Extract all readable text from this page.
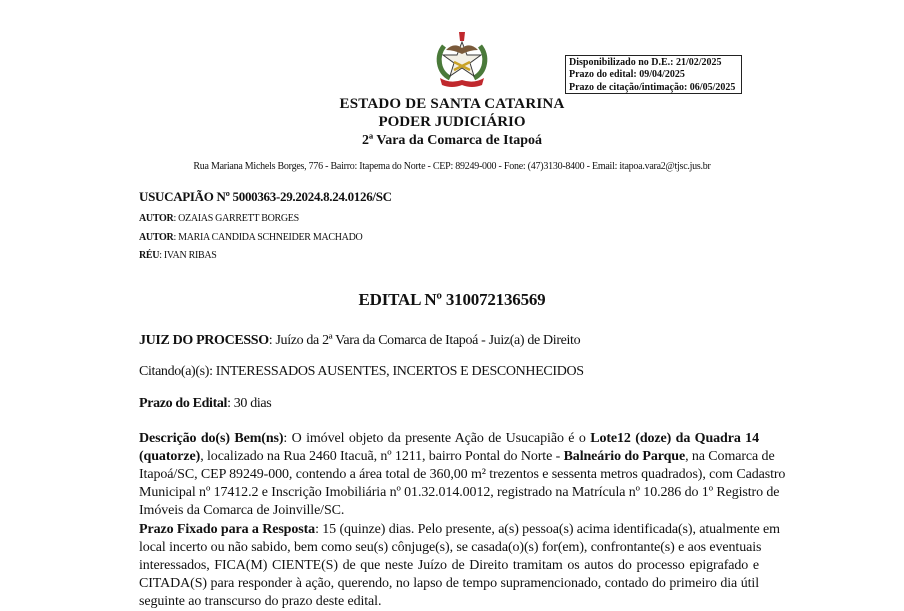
Disponibilizado no D.E.: 21/02/2025
Prazo do edital: 09/04/2025
Prazo de citação/intimação: 06/05/2025
ESTADO DE SANTA CATARINA
PODER JUDICIÁRIO
2ª Vara da Comarca de Itapoá
Rua Mariana Michels Borges, 776 - Bairro: Itapema do Norte - CEP: 89249-000 - Fone: (47)3130-8400 - Email: itapoa.vara2@tjsc.jus.br
USUCAPIÃO Nº 5000363-29.2024.8.24.0126/SC
AUTOR: OZAIAS GARRETT BORGES
AUTOR: MARIA CANDIDA SCHNEIDER MACHADO
RÉU: IVAN RIBAS
EDITAL Nº 310072136569
JUIZ DO PROCESSO: Juízo da 2ª Vara da Comarca de Itapoá - Juiz(a) de Direito
Citando(a)(s): INTERESSADOS AUSENTES, INCERTOS E DESCONHECIDOS
Prazo do Edital: 30 dias
Descrição do(s) Bem(ns): O imóvel objeto da presente Ação de Usucapião é o Lote12 (doze) da Quadra 14
(quatorze), localizado na Rua 2460 Itacuã, nº 1211, bairro Pontal do Norte - Balneário do Parque, na Comarca de
Itapoá/SC, CEP 89249-000, contendo a área total de 360,00 m² trezentos e sessenta metros quadrados), com Cadastro
Municipal nº 17412.2 e Inscrição Imobiliária nº 01.32.014.0012, registrado na Matrícula nº 10.286 do 1º Registro de
Imóveis da Comarca de Joinville/SC.
Prazo Fixado para a Resposta: 15 (quinze) dias. Pelo presente, a(s) pessoa(s) acima identificada(s), atualmente em
local incerto ou não sabido, bem como seu(s) cônjuge(s), se casada(o)(s) for(em), confrontante(s) e aos eventuais
interessados, FICA(M) CIENTE(S) de que neste Juízo de Direito tramitam os autos do processo epigrafado e
CITADA(S) para responder à ação, querendo, no lapso de tempo supramencionado, contado do primeiro dia útil
seguinte ao transcurso do prazo deste edital.
